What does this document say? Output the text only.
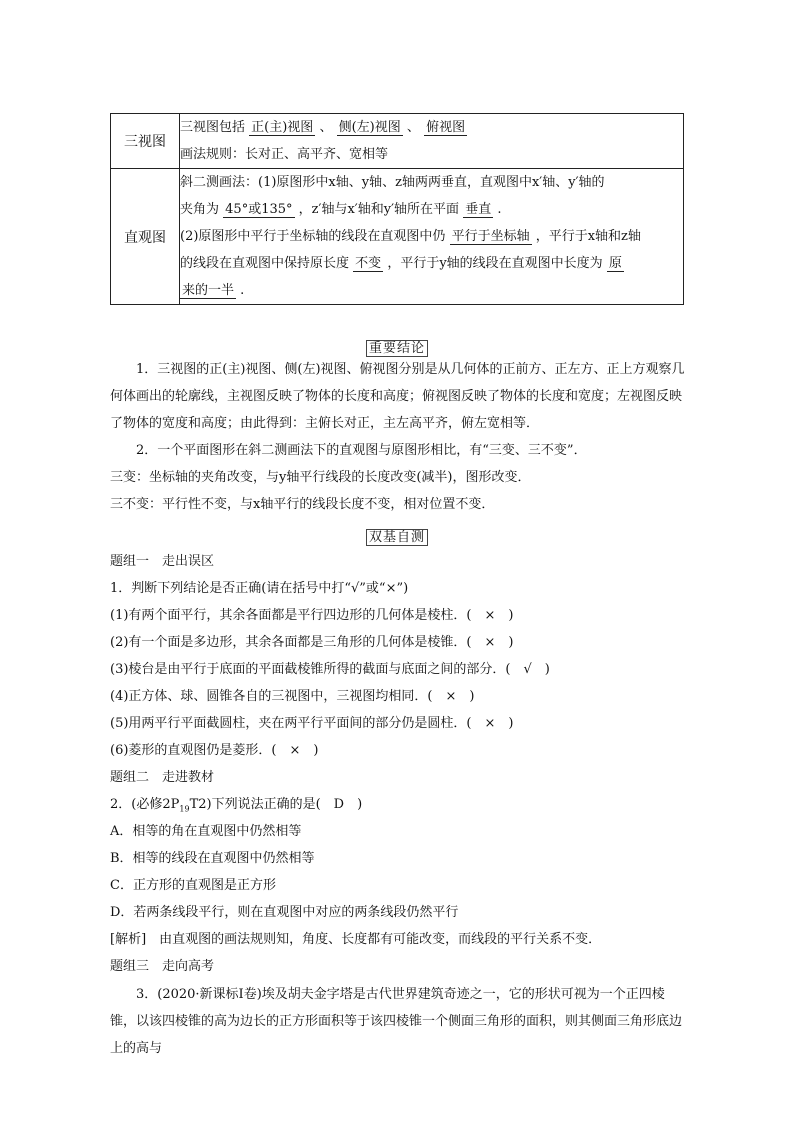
三视图	三视图包括 正(主)视图 、 侧(左)视图 、 俯视图
画法规则：长对正、高平齐、宽相等

直观图	斜二测画法：(1)原图形中x轴、y轴、z轴两两垂直，直观图中x′轴、y′轴的
夹角为 45°或135° ，z′轴与x′轴和y′轴所在平面 垂直 .
(2)原图形中平行于坐标轴的线段在直观图中仍 平行于坐标轴 ，平行于x轴和z轴
的线段在直观图中保持原长度 不变 ，平行于y轴的线段在直观图中长度为 原
来的一半 .
重要结论
1．三视图的正(主)视图、侧(左)视图、俯视图分别是从几何体的正前方、正左方、正上方观察几何体画出的轮廓线，主视图反映了物体的长度和高度；俯视图反映了物体的长度和宽度；左视图反映了物体的宽度和高度；由此得到：主俯长对正，主左高平齐，俯左宽相等．
2．一个平面图形在斜二测画法下的直观图与原图形相比，有“三变、三不变”．
三变：坐标轴的夹角改变，与y轴平行线段的长度改变(减半)，图形改变．
三不变：平行性不变，与x轴平行的线段长度不变，相对位置不变．
双基自测
题组一　走出误区
1．判断下列结论是否正确(请在括号中打“√”或“×”)
(1)有两个面平行，其余各面都是平行四边形的几何体是棱柱．(　×　)
(2)有一个面是多边形，其余各面都是三角形的几何体是棱锥．(　×　)
(3)棱台是由平行于底面的平面截棱锥所得的截面与底面之间的部分．(　√　)
(4)正方体、球、圆锥各自的三视图中，三视图均相同．(　×　)
(5)用两平行平面截圆柱，夹在两平行平面间的部分仍是圆柱．(　×　)
(6)菱形的直观图仍是菱形．(　×　)
题组二　走进教材
2．(必修$2P_{19}T2$)下列说法正确的是(　D　)
A．相等的角在直观图中仍然相等
B．相等的线段在直观图中仍然相等
C．正方形的直观图是正方形
D．若两条线段平行，则在直观图中对应的两条线段仍然平行
[解析]　由直观图的画法规则知，角度、长度都有可能改变，而线段的平行关系不变．
题组三　走向高考
3．(2020·新课标Ⅰ卷)埃及胡夫金字塔是古代世界建筑奇迹之一，它的形状可视为一个正四棱锥，以该四棱锥的高为边长的正方形面积等于该四棱锥一个侧面三角形的面积，则其侧面三角形底边上的高与
